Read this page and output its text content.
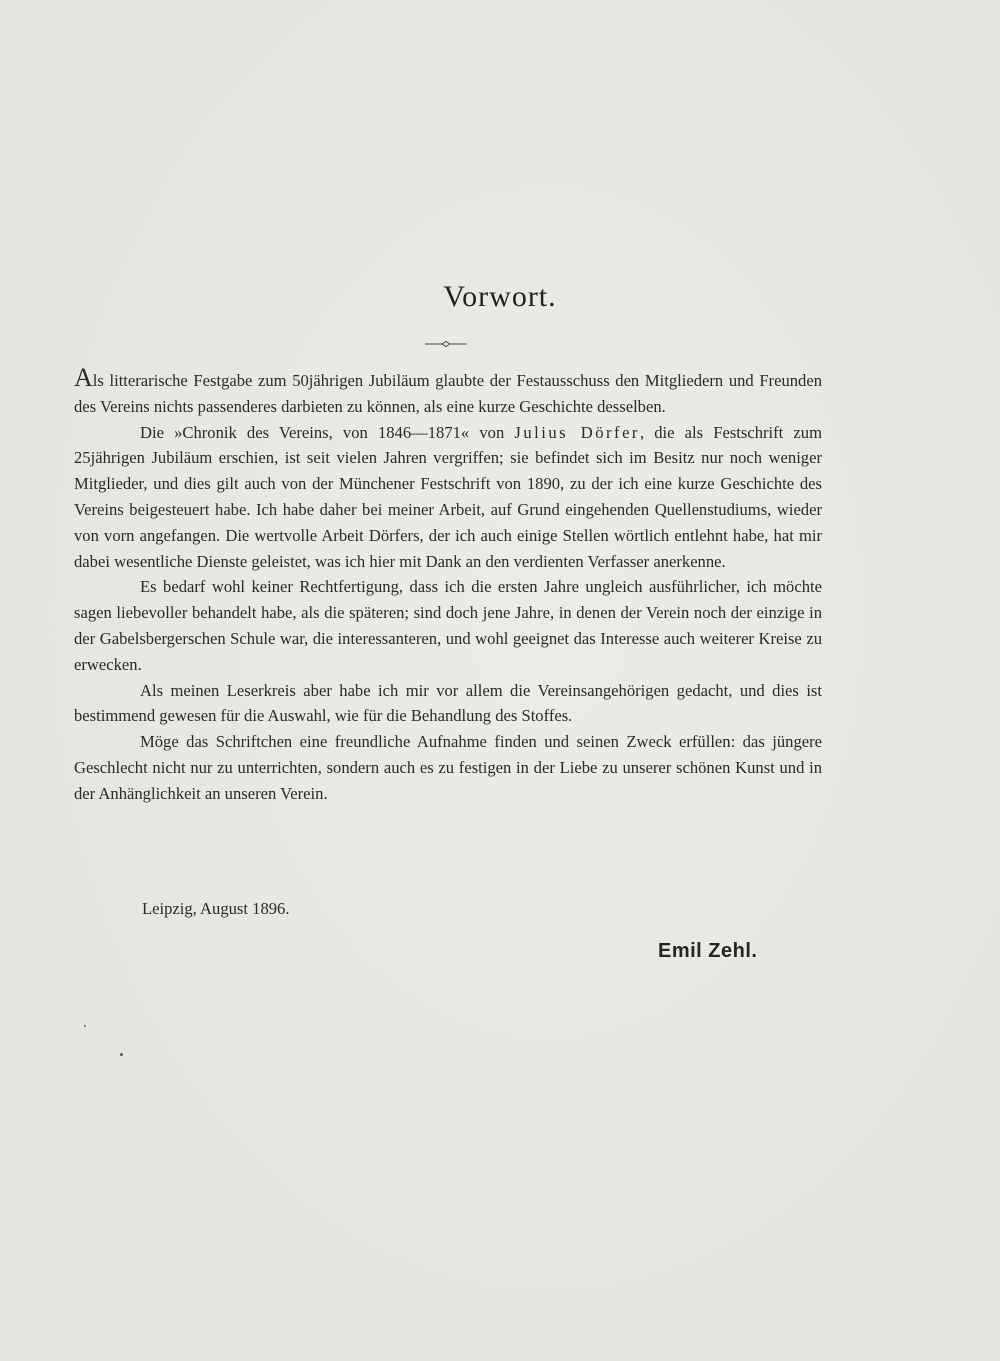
Vorwort.

Als litterarische Festgabe zum 50jährigen Jubiläum glaubte der Festausschuss den Mitgliedern und Freunden des Vereins nichts passenderes darbieten zu können, als eine kurze Geschichte desselben.

Die »Chronik des Vereins, von 1846—1871« von Julius Dörfer, die als Festschrift zum 25jährigen Jubiläum erschien, ist seit vielen Jahren vergriffen; sie befindet sich im Besitz nur noch weniger Mitglieder, und dies gilt auch von der Münchener Festschrift von 1890, zu der ich eine kurze Geschichte des Vereins beigesteuert habe. Ich habe daher bei meiner Arbeit, auf Grund eingehenden Quellenstudiums, wieder von vorn angefangen. Die wertvolle Arbeit Dörfers, der ich auch einige Stellen wörtlich entlehnt habe, hat mir dabei wesentliche Dienste geleistet, was ich hier mit Dank an den verdienten Verfasser anerkenne.

Es bedarf wohl keiner Rechtfertigung, dass ich die ersten Jahre ungleich ausführlicher, ich möchte sagen liebevoller behandelt habe, als die späteren; sind doch jene Jahre, in denen der Verein noch der einzige in der Gabelsbergerschen Schule war, die interessanteren, und wohl geeignet das Interesse auch weiterer Kreise zu erwecken.

Als meinen Leserkreis aber habe ich mir vor allem die Vereinsangehörigen gedacht, und dies ist bestimmend gewesen für die Auswahl, wie für die Behandlung des Stoffes.

Möge das Schriftchen eine freundliche Aufnahme finden und seinen Zweck erfüllen: das jüngere Geschlecht nicht nur zu unterrichten, sondern auch es zu festigen in der Liebe zu unserer schönen Kunst und in der Anhänglichkeit an unseren Verein.

Leipzig, August 1896.
Emil Zehl.
